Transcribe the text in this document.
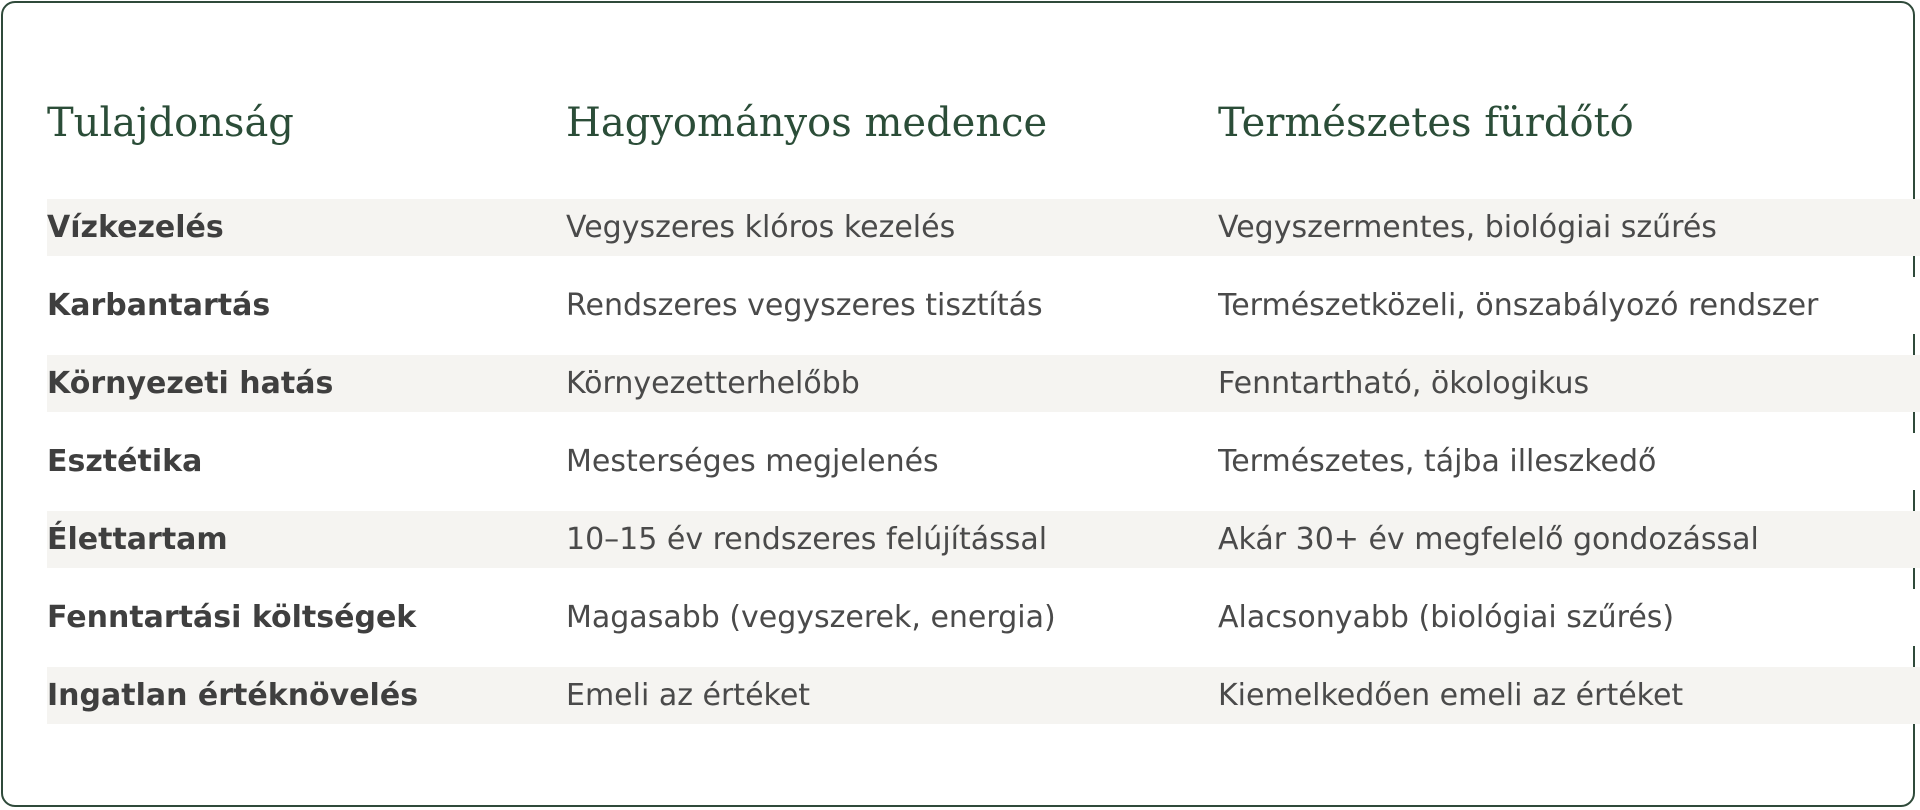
Tulajdonság	Hagyományos medence	Természetes fürdőtó

Vízkezelés	Vegyszeres klóros kezelés	Vegyszermentes, biológiai szűrés

Karbantartás	Rendszeres vegyszeres tisztítás	Természetközeli, önszabályozó rendszer

Környezeti hatás	Környezetterhelőbb	Fenntartható, ökologikus

Esztétika	Mesterséges megjelenés	Természetes, tájba illeszkedő

Élettartam	10–15 év rendszeres felújítással	Akár 30+ év megfelelő gondozással

Fenntartási költségek	Magasabb (vegyszerek, energia)	Alacsonyabb (biológiai szűrés)

Ingatlan értéknövelés	Emeli az értéket	Kiemelkedően emeli az értéket
